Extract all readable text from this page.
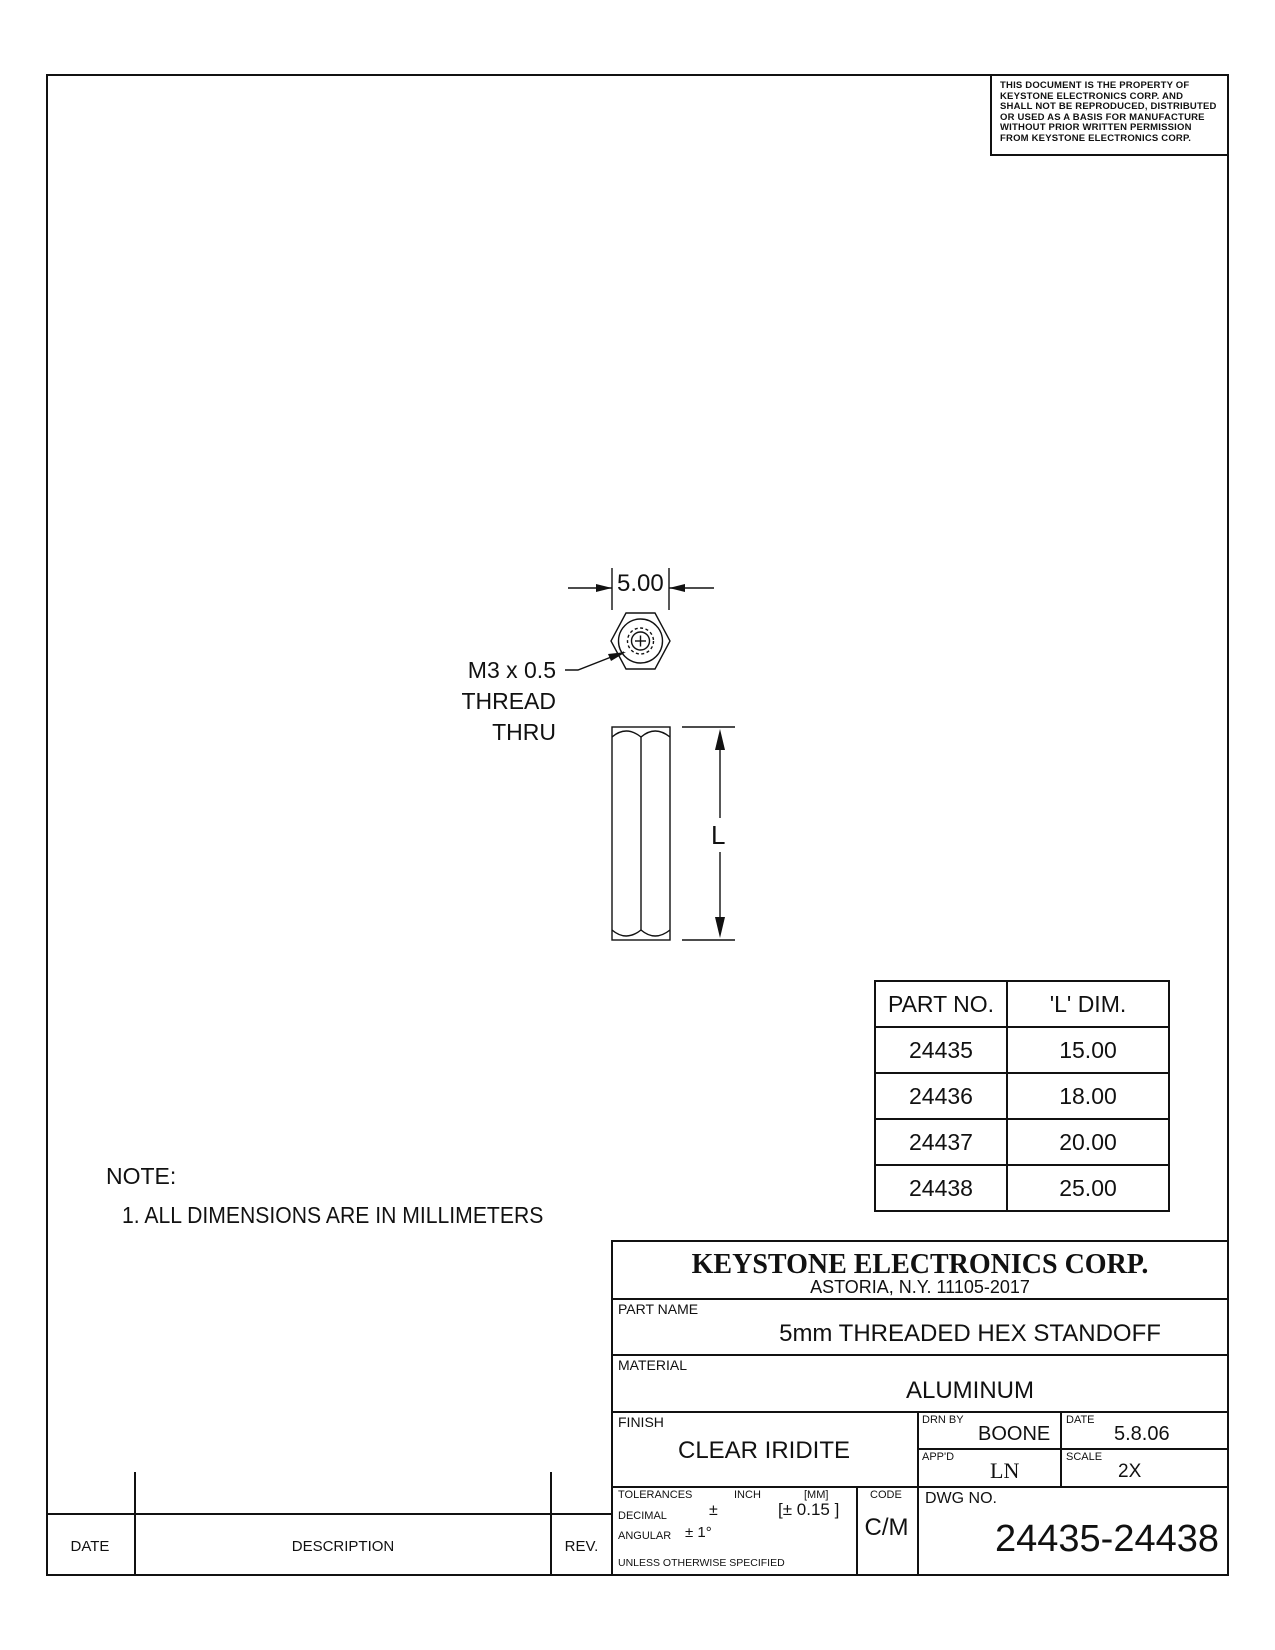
THIS DOCUMENT IS THE PROPERTY OF
KEYSTONE ELECTRONICS CORP. AND
SHALL NOT BE REPRODUCED, DISTRIBUTED
OR USED AS A BASIS FOR MANUFACTURE
WITHOUT PRIOR WRITTEN PERMISSION
FROM KEYSTONE ELECTRONICS CORP.
5.00
M3 x 0.5
THREAD
THRU
L
NOTE:
1. ALL DIMENSIONS ARE IN MILLIMETERS
PART NO.	'L' DIM.
24435	15.00
24436	18.00
24437	20.00
24438	25.00
KEYSTONE ELECTRONICS CORP.
ASTORIA, N.Y. 11105-2017
PART NAME
5mm THREADED HEX STANDOFF
MATERIAL
ALUMINUM
FINISH
CLEAR IRIDITE
DRN BY
BOONE
DATE
5.8.06
APP'D
LN
SCALE
2X
TOLERANCES	INCH	[MM]	CODE
DECIMAL	±	[± 0.15 ]
ANGULAR ± 1°
UNLESS OTHERWISE SPECIFIED
C/M
DWG NO.
24435-24438
DATE	DESCRIPTION	REV.
